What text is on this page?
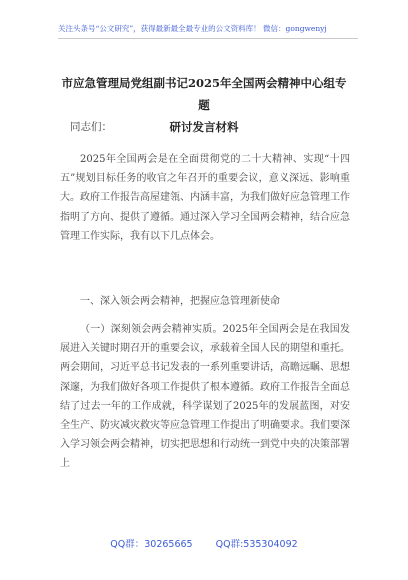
关注头条号“公文研究”，获得最新最全最专业的公文资料库！ 微信：gongwenyj
市应急管理局党组副书记2025年全国两会精神中心组专题
研讨发言材料
同志们：
2025年全国两会是在全面贯彻党的二十大精神、实现“十四五”规划目标任务的收官之年召开的重要会议，意义深远、影响重大。政府工作报告高屋建瓴、内涵丰富，为我们做好应急管理工作指明了方向、提供了遵循。通过深入学习全国两会精神，结合应急管理工作实际，我有以下几点体会。
一、深入领会两会精神，把握应急管理新使命
（一）深刻领会两会精神实质。2025年全国两会是在我国发展进入关键时期召开的重要会议，承载着全国人民的期望和重托。两会期间，习近平总书记发表的一系列重要讲话，高瞻远瞩、思想深邃，为我们做好各项工作提供了根本遵循。政府工作报告全面总结了过去一年的工作成就，科学谋划了2025年的发展蓝图，对安全生产、防灾减灾救灾等应急管理工作提出了明确要求。我们要深入学习领会两会精神，切实把思想和行动统一到党中央的决策部署上
QQ群：30265665 QQ群:535304092
